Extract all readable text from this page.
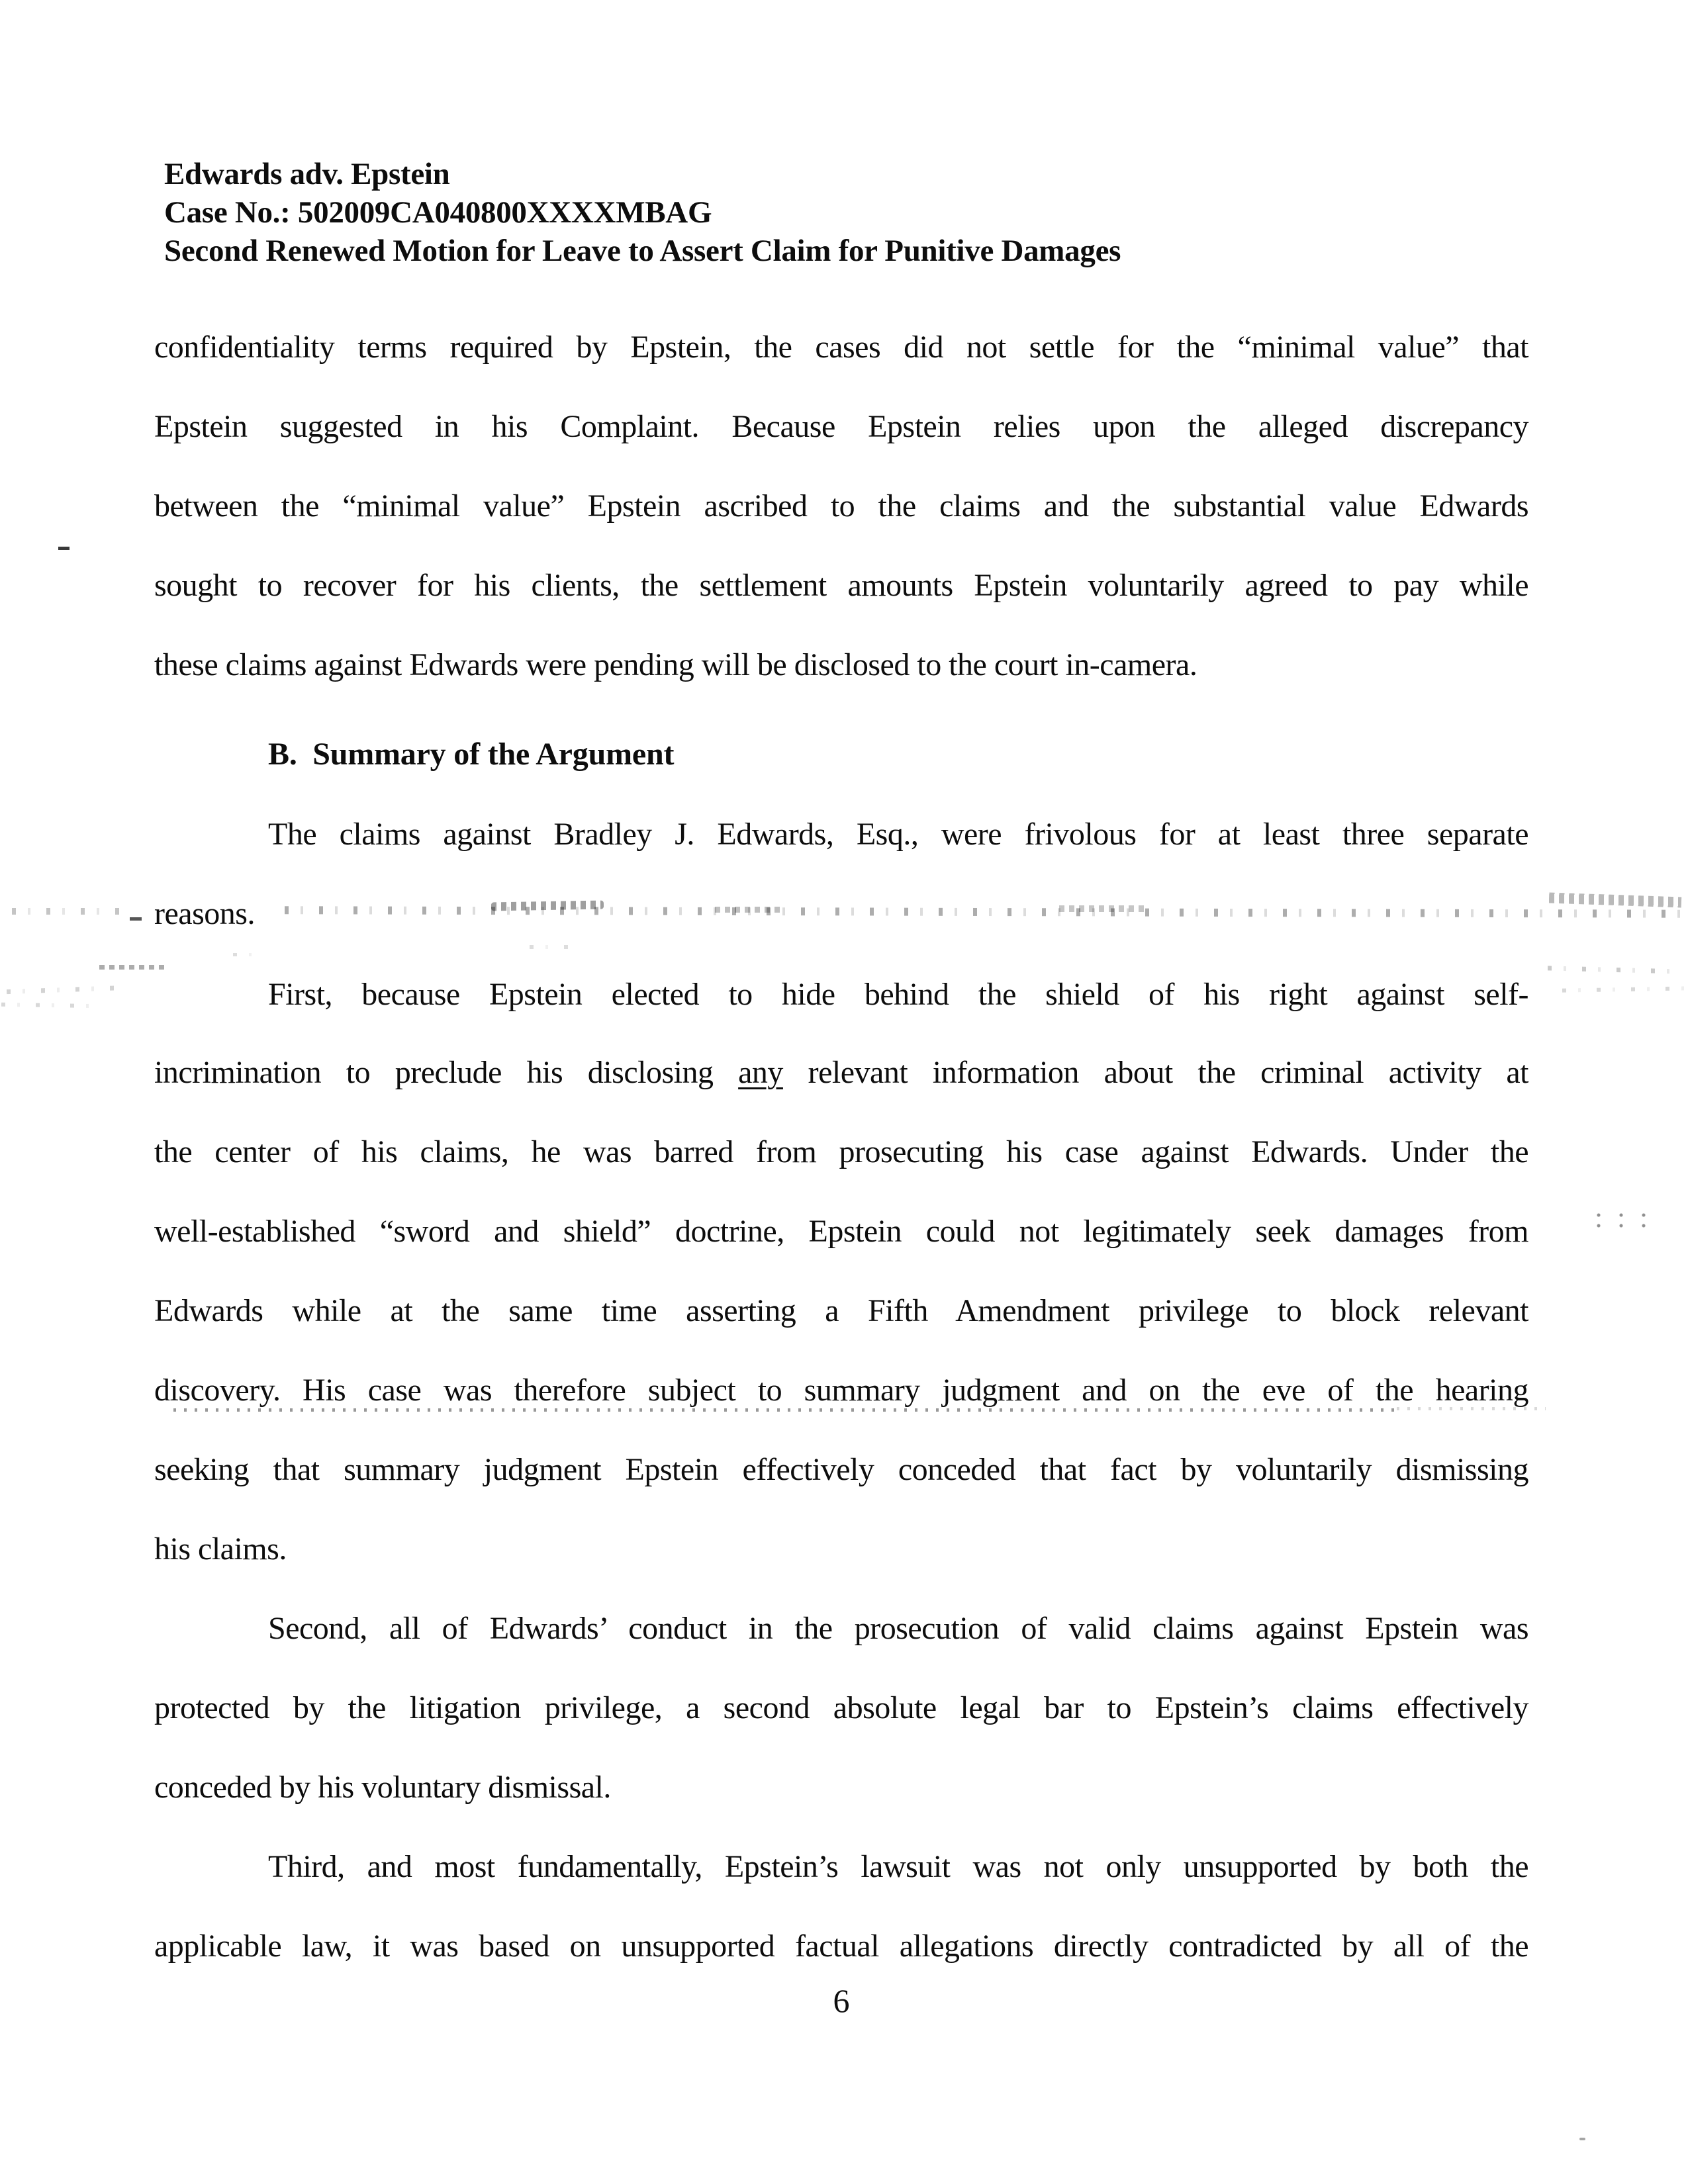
Edwards adv. Epstein
Case No.: 502009CA040800XXXXMBAG
Second Renewed Motion for Leave to Assert Claim for Punitive Damages
confidentiality terms required by Epstein, the cases did not settle for the “minimal value” that
Epstein suggested in his Complaint. Because Epstein relies upon the alleged discrepancy
between the “minimal value” Epstein ascribed to the claims and the substantial value Edwards
sought to recover for his clients, the settlement amounts Epstein voluntarily agreed to pay while
these claims against Edwards were pending will be disclosed to the court in-camera.
B.  Summary of the Argument
The claims against Bradley J. Edwards, Esq., were frivolous for at least three separate
reasons.
First, because Epstein elected to hide behind the shield of his right against self-
incrimination to preclude his disclosing any relevant information about the criminal activity at
the center of his claims, he was barred from prosecuting his case against Edwards. Under the
well-established “sword and shield” doctrine, Epstein could not legitimately seek damages from
Edwards while at the same time asserting a Fifth Amendment privilege to block relevant
discovery. His case was therefore subject to summary judgment and on the eve of the hearing
seeking that summary judgment Epstein effectively conceded that fact by voluntarily dismissing
his claims.
Second, all of Edwards’ conduct in the prosecution of valid claims against Epstein was
protected by the litigation privilege, a second absolute legal bar to Epstein’s claims effectively
conceded by his voluntary dismissal.
Third, and most fundamentally, Epstein’s lawsuit was not only unsupported by both the
applicable law, it was based on unsupported factual allegations directly contradicted by all of the
6
